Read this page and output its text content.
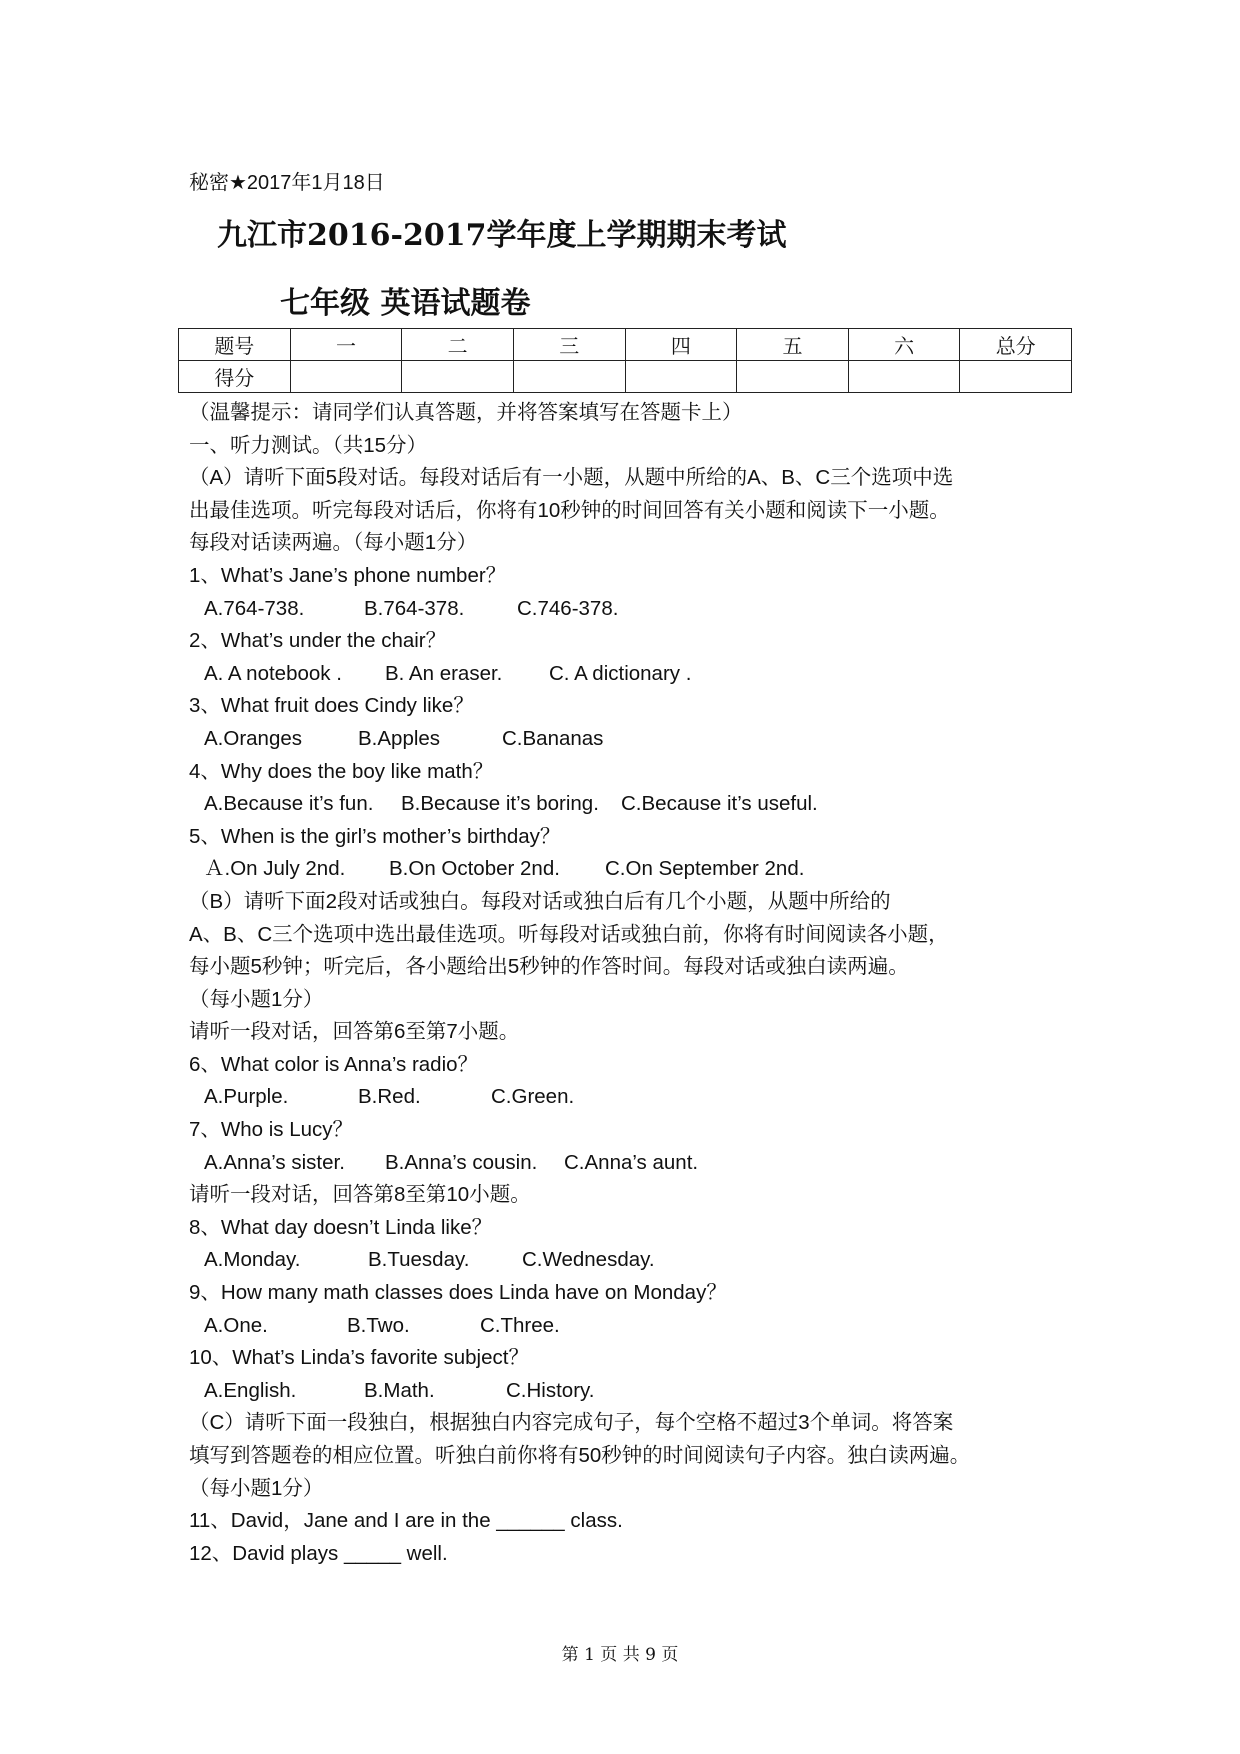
秘密★2017年1月18日
九江市2016-2017学年度上学期期末考试
七年级 英语试题卷
题号	一	二	三	四	五	六	总分
得分							
（温馨提示：请同学们认真答题，并将答案填写在答题卡上）
一、听力测试。（共15分）
（A）请听下面5段对话。每段对话后有一小题，从题中所给的A、B、C三个选项中选
出最佳选项。听完每段对话后，你将有10秒钟的时间回答有关小题和阅读下一小题。
每段对话读两遍。（每小题1分）
1、What’s Jane’s phone number？
A.764-738.	B.764-378.	C.746-378.
2、What’s under the chair？
A. A notebook . B. An eraser. C. A dictionary .
3、What fruit does Cindy like？
A.Oranges	B.Apples	C.Bananas
4、Why does the boy like math？
A.Because it’s fun. B.Because it’s boring. C.Because it’s useful.
5、When is the girl’s mother’s birthday？
Ａ.On July 2nd. B.On October 2nd. C.On September 2nd.
（B）请听下面2段对话或独白。每段对话或独白后有几个小题，从题中所给的
A、B、C三个选项中选出最佳选项。听每段对话或独白前，你将有时间阅读各小题，
每小题5秒钟；听完后，各小题给出5秒钟的作答时间。每段对话或独白读两遍。
（每小题1分）
请听一段对话，回答第6至第7小题。
6、What color is Anna’s radio？
A.Purple.	B.Red.	C.Green.
7、Who is Lucy？
A.Anna’s sister. B.Anna’s cousin. C.Anna’s aunt.
请听一段对话，回答第8至第10小题。
8、What day doesn’t Linda like？
A.Monday.	B.Tuesday.	C.Wednesday.
9、How many math classes does Linda have on Monday？
A.One.	B.Two.	C.Three.
10、What’s Linda’s favorite subject？
A.English.	B.Math.	C.History.
（C）请听下面一段独白，根据独白内容完成句子，每个空格不超过3个单词。将答案
填写到答题卷的相应位置。听独白前你将有50秒钟的时间阅读句子内容。独白读两遍。
（每小题1分）
11、David，Jane and I are in the ______ class.
12、David plays _____ well.
第 1 页 共 9 页
